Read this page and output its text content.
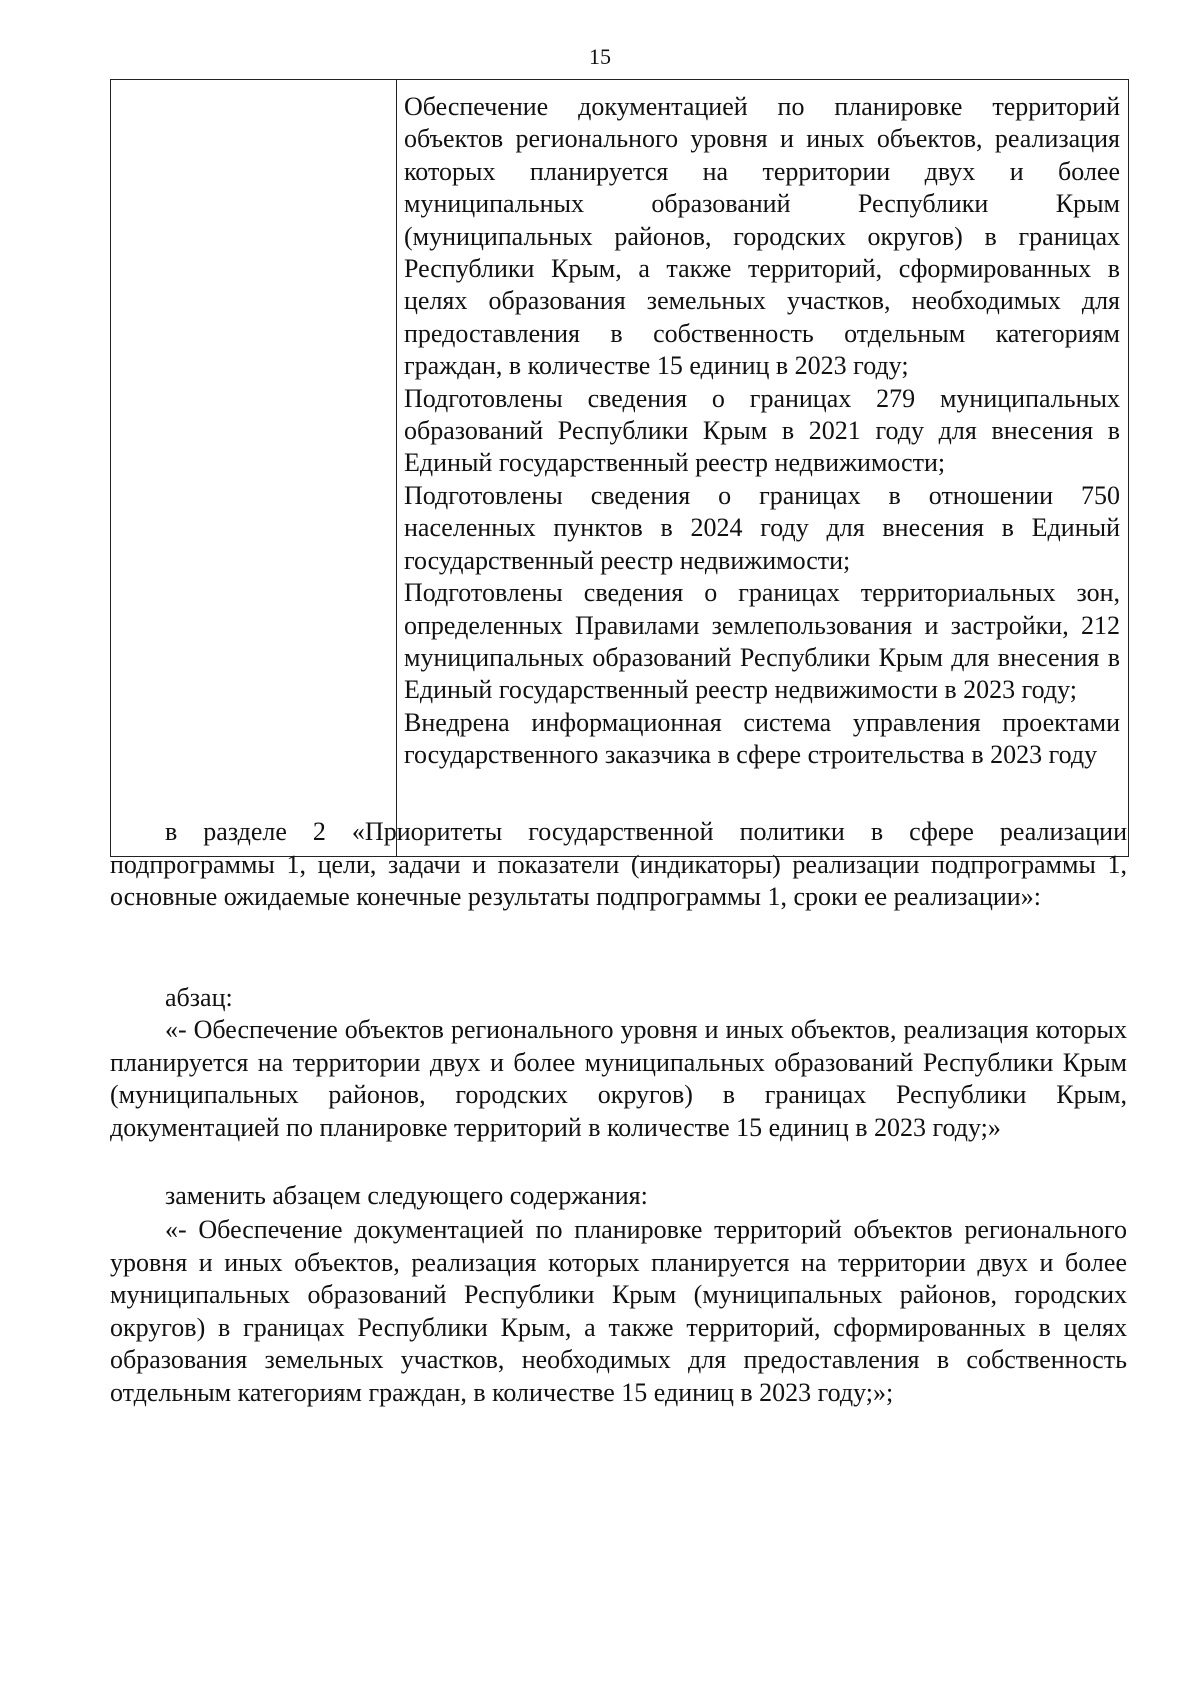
15

Обеспечение документацией по планировке территорий объектов регионального уровня и иных объектов, реализация которых планируется на территории двух и более муниципальных образований Республики Крым (муниципальных районов, городских округов) в границах Республики Крым, а также территорий, сформированных в целях образования земельных участков, необходимых для предоставления в собственность отдельным категориям граждан, в количестве 15 единиц в 2023 году;

Подготовлены сведения о границах 279 муниципальных образований Республики Крым в 2021 году для внесения в Единый государственный реестр недвижимости;

Подготовлены сведения о границах в отношении 750 населенных пунктов в 2024 году для внесения в Единый государственный реестр недвижимости;

Подготовлены сведения о границах территориальных зон, определенных Правилами землепользования и застройки, 212 муниципальных образований Республики Крым для внесения в Единый государственный реестр недвижимости в 2023 году;

Внедрена информационная система управления проектами государственного заказчика в сфере строительства в 2023 году

в разделе 2 «Приоритеты государственной политики в сфере реализации подпрограммы 1, цели, задачи и показатели (индикаторы) реализации подпрограммы 1, основные ожидаемые конечные результаты подпрограммы 1, сроки ее реализации»:

абзац:

«- Обеспечение объектов регионального уровня и иных объектов, реализация которых планируется на территории двух и более муниципальных образований Республики Крым (муниципальных районов, городских округов) в границах Республики Крым, документацией по планировке территорий в количестве 15 единиц в 2023 году;»

заменить абзацем следующего содержания:

«- Обеспечение документацией по планировке территорий объектов регионального уровня и иных объектов, реализация которых планируется на территории двух и более муниципальных образований Республики Крым (муниципальных районов, городских округов) в границах Республики Крым, а также территорий, сформированных в целях образования земельных участков, необходимых для предоставления в собственность отдельным категориям граждан, в количестве 15 единиц в 2023 году;»;
